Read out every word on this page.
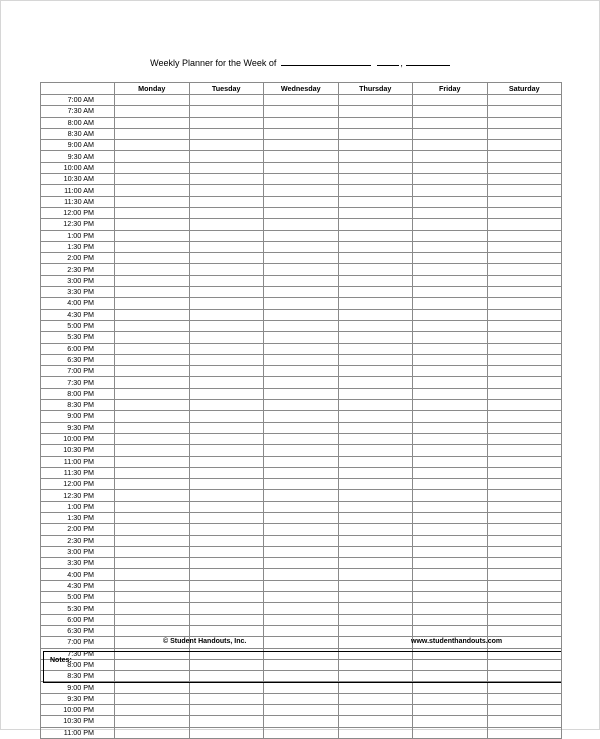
Weekly Planner for the Week of	,
	Monday	Tuesday	Wednesday	Thursday	Friday	Saturday
7:00 AM						
7:30 AM						
8:00 AM						
8:30 AM						
9:00 AM						
9:30 AM						
10:00 AM						
10:30 AM						
11:00 AM						
11:30 AM						
12:00 PM						
12:30 PM						
1:00 PM						
1:30 PM						
2:00 PM						
2:30 PM						
3:00 PM						
3:30 PM						
4:00 PM						
4:30 PM						
5:00 PM						
5:30 PM						
6:00 PM						
6:30 PM						
7:00 PM						
7:30 PM						
8:00 PM						
8:30 PM						
9:00 PM						
9:30 PM						
10:00 PM						
10:30 PM						
11:00 PM						
11:30 PM						
12:00 PM						
12:30 PM						
1:00 PM						
1:30 PM						
2:00 PM						
2:30 PM						
3:00 PM						
3:30 PM						
4:00 PM						
4:30 PM						
5:00 PM						
5:30 PM						
6:00 PM						
6:30 PM						
7:00 PM						
7:30 PM						
8:00 PM						
8:30 PM						
9:00 PM						
9:30 PM						
10:00 PM						
10:30 PM						
11:00 PM						
© Student Handouts, Inc.	www.studenthandouts.com
Notes:
